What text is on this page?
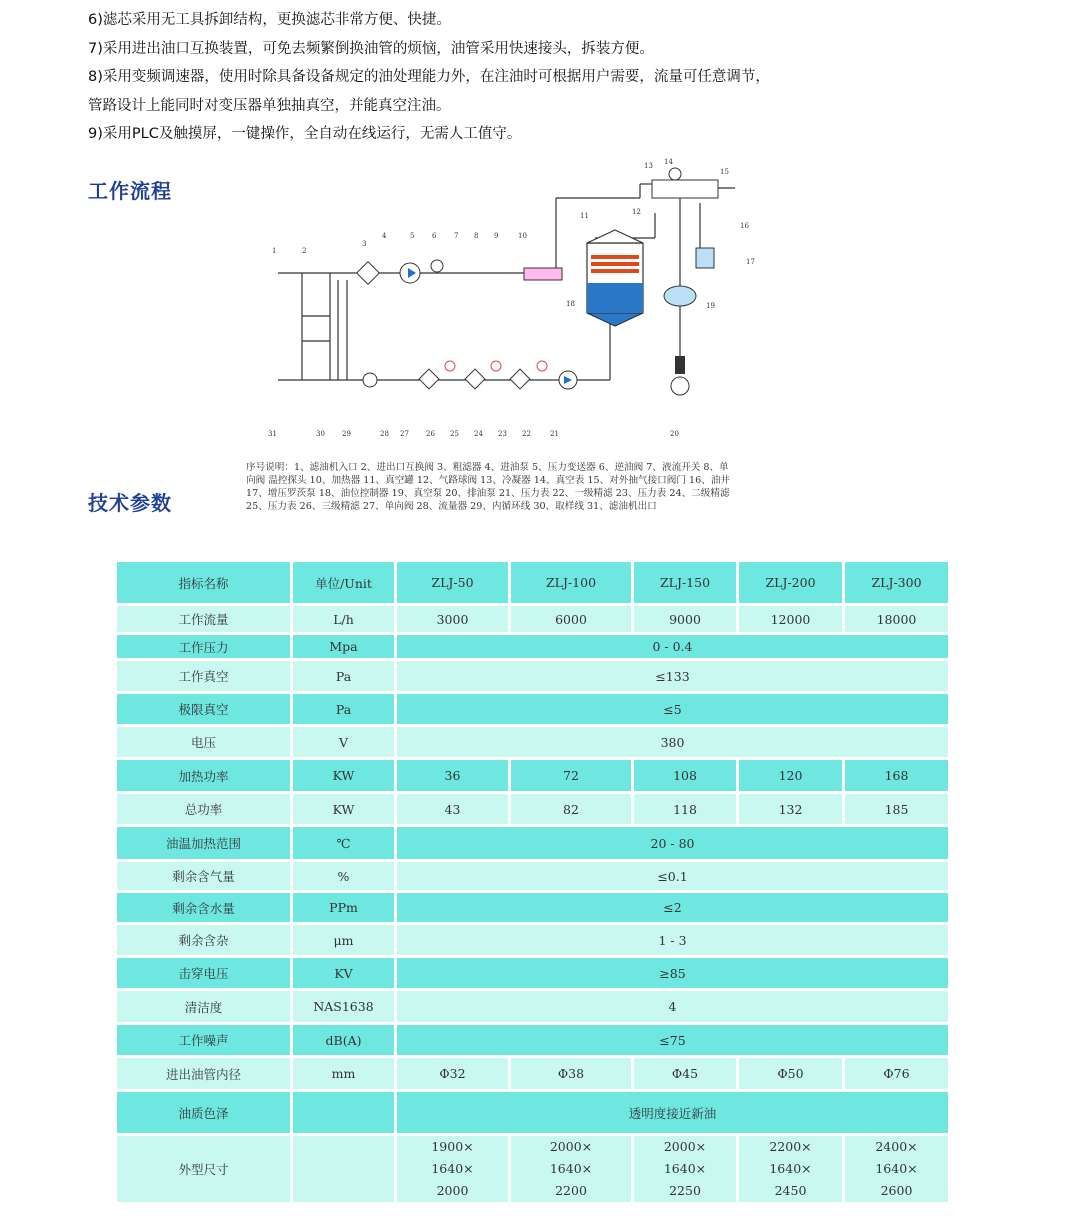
6)滤芯采用无工具拆卸结构，更换滤芯非常方便、快捷。

7)采用进出油口互换装置，可免去频繁倒换油管的烦恼，油管采用快速接头，拆装方便。

8)采用变频调速器，使用时除具备设备规定的油处理能力外，在注油时可根据用户需要，流量可任意调节，

管路设计上能同时对变压器单独抽真空，并能真空注油。

9)采用PLC及触摸屏，一键操作，全自动在线运行，无需人工值守。

工作流程
1	2
3
4	5	6	7 8 9	10
11	12
13 14
15
16
17
31	30 29	28 27 26 25 24 23 22	21	20
19
18

序号说明：1、滤油机入口 2、进出口互换阀 3、粗滤器 4、进油泵 5、压力变送器 6、逆油阀 7、液流开关 8、单

向阀 温控探头 10、加热器 11、真空罐 12、气路球阀 13、冷凝器 14、真空表 15、对外抽气接口阀门 16、油井

17、增压罗茨泵 18、油位控制器 19、真空泵 20、排油泵 21、压力表 22、一级精滤 23、压力表 24、二级精滤

25、压力表 26、三级精滤 27、单向阀 28、流量器 29、内循环线 30、取样线 31、滤油机出口

技术参数
指标名称	单位/Unit	ZLJ-50	ZLJ-100	ZLJ-150	ZLJ-200	ZLJ-300
工作流量	L/h	3000	6000	9000	12000	18000
工作压力	Mpa	0 - 0.4				
工作真空	Pa	≤133				
极限真空	Pa	≤5				
电压	V	380				
加热功率	KW	36	72	108	120	168
总功率	KW	43	82	118	132	185
油温加热范围	℃	20 - 80				
剩余含气量	%	≤0.1				
剩余含水量	PPm	≤2				
剩余含杂	μm	1 - 3				
击穿电压	KV	≥85				
清洁度	NAS1638	4				
工作噪声	dB(A)	≤75				
进出油管内径	mm	Φ32	Φ38	Φ45	Φ50	Φ76
油质色泽		透明度接近新油				
外型尺寸		1900×
1640×
2000	2000×
1640×
2200	2000×
1640×
2250	2200×
1640×
2450	2400×
1640×
2600
